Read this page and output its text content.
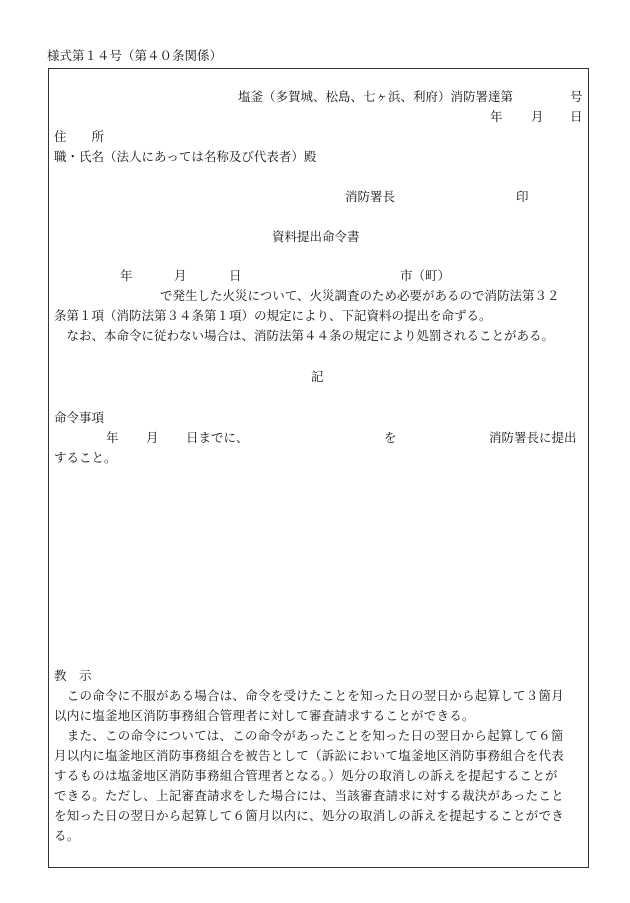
様式第１４号（第４０条関係）
塩釜（多賀城、松島、七ヶ浜、利府）消防署達第	号
年 月 日
住　　所
職・氏名（法人にあっては名称及び代表者）殿
消防署長	印
資料提出命令書
年	月	日	市（町）
で発生した火災について、火災調査のため必要があるので消防法第３２
条第１項（消防法第３４条第１項）の規定により、下記資料の提出を命ずる。
　なお、本命令に従わない場合は、消防法第４４条の規定により処罰されることがある。
記
命令事項
年 月 日までに、	を	消防署長に提出
すること。
教　示
　この命令に不服がある場合は、命令を受けたことを知った日の翌日から起算して３箇月
以内に塩釜地区消防事務組合管理者に対して審査請求することができる。
　また、この命令については、この命令があったことを知った日の翌日から起算して６箇
月以内に塩釜地区消防事務組合を被告として（訴訟において塩釜地区消防事務組合を代表
するものは塩釜地区消防事務組合管理者となる。）処分の取消しの訴えを提起することが
できる。ただし、上記審査請求をした場合には、当該審査請求に対する裁決があったこと
を知った日の翌日から起算して６箇月以内に、処分の取消しの訴えを提起することができ
る。
